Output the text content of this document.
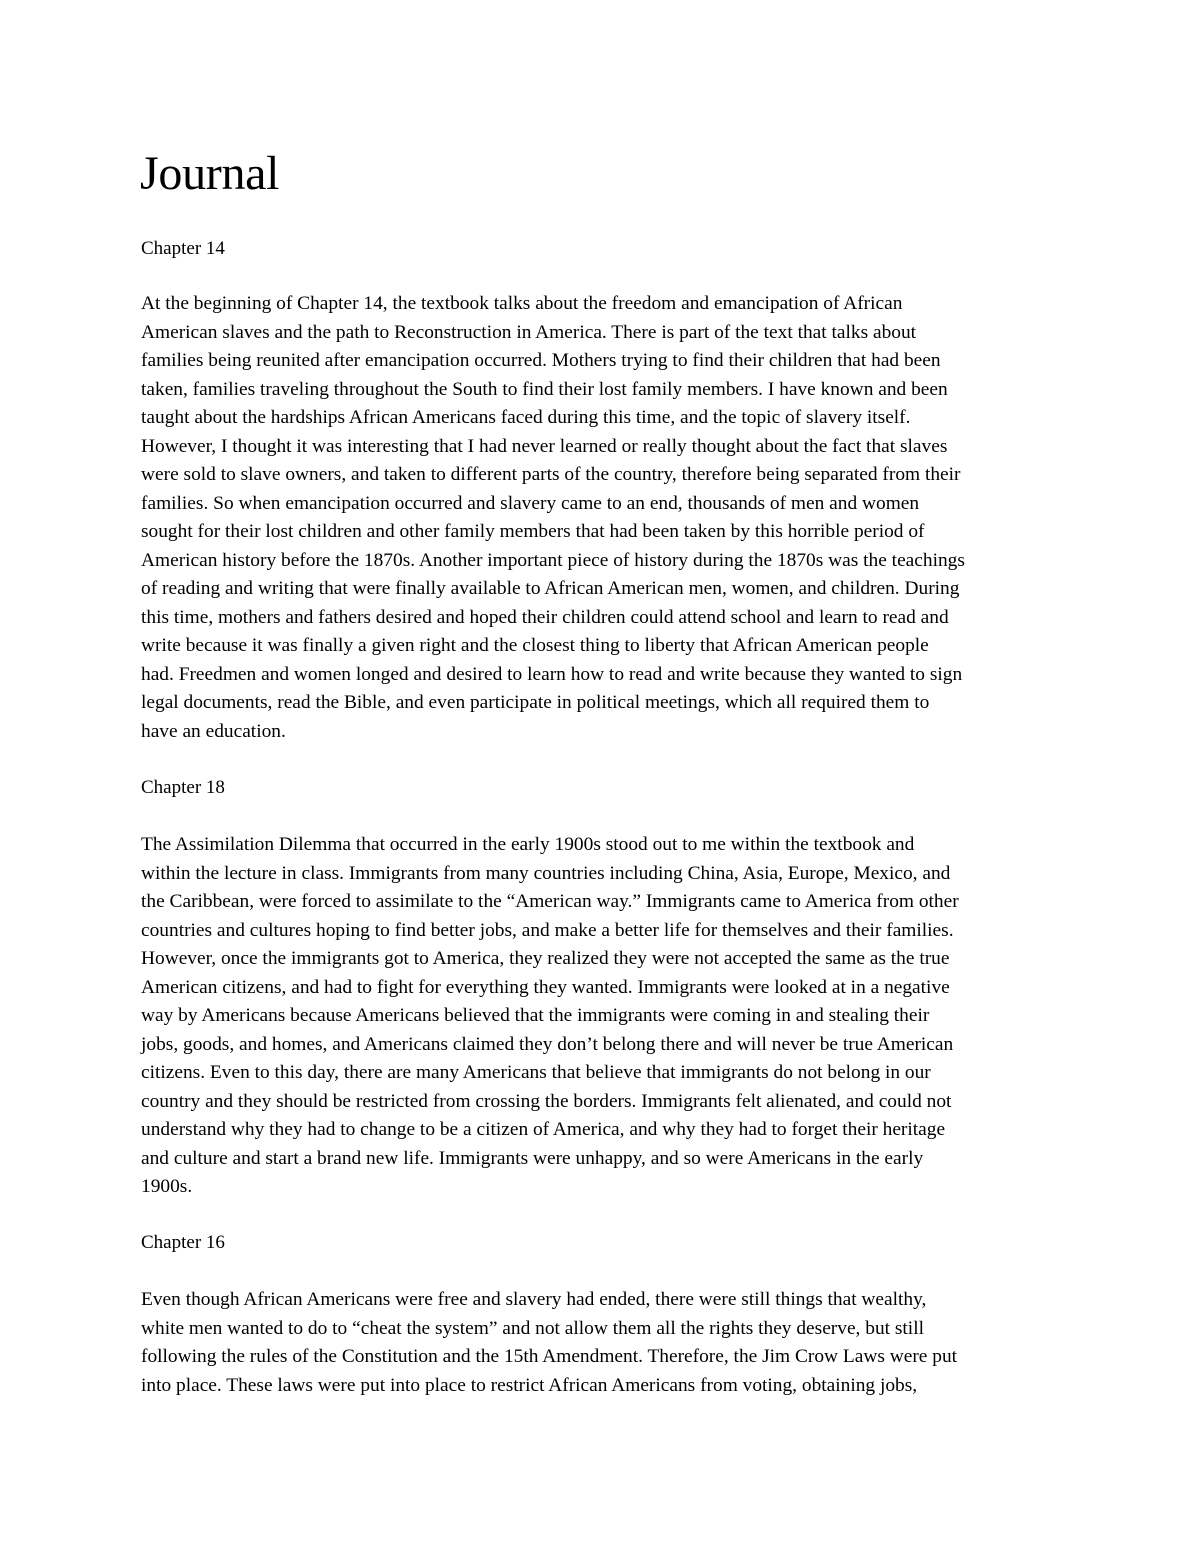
Journal
Chapter 14

At the beginning of Chapter 14, the textbook talks about the freedom and emancipation of African
American slaves and the path to Reconstruction in America. There is part of the text that talks about
families being reunited after emancipation occurred. Mothers trying to find their children that had been
taken, families traveling throughout the South to find their lost family members. I have known and been
taught about the hardships African Americans faced during this time, and the topic of slavery itself.
However, I thought it was interesting that I had never learned or really thought about the fact that slaves
were sold to slave owners, and taken to different parts of the country, therefore being separated from their
families. So when emancipation occurred and slavery came to an end, thousands of men and women
sought for their lost children and other family members that had been taken by this horrible period of
American history before the 1870s. Another important piece of history during the 1870s was the teachings
of reading and writing that were finally available to African American men, women, and children. During
this time, mothers and fathers desired and hoped their children could attend school and learn to read and
write because it was finally a given right and the closest thing to liberty that African American people
had. Freedmen and women longed and desired to learn how to read and write because they wanted to sign
legal documents, read the Bible, and even participate in political meetings, which all required them to
have an education.

Chapter 18

The Assimilation Dilemma that occurred in the early 1900s stood out to me within the textbook and
within the lecture in class. Immigrants from many countries including China, Asia, Europe, Mexico, and
the Caribbean, were forced to assimilate to the “American way.” Immigrants came to America from other
countries and cultures hoping to find better jobs, and make a better life for themselves and their families.
However, once the immigrants got to America, they realized they were not accepted the same as the true
American citizens, and had to fight for everything they wanted. Immigrants were looked at in a negative
way by Americans because Americans believed that the immigrants were coming in and stealing their
jobs, goods, and homes, and Americans claimed they don’t belong there and will never be true American
citizens. Even to this day, there are many Americans that believe that immigrants do not belong in our
country and they should be restricted from crossing the borders. Immigrants felt alienated, and could not
understand why they had to change to be a citizen of America, and why they had to forget their heritage
and culture and start a brand new life. Immigrants were unhappy, and so were Americans in the early
1900s.

Chapter 16

Even though African Americans were free and slavery had ended, there were still things that wealthy,
white men wanted to do to “cheat the system” and not allow them all the rights they deserve, but still
following the rules of the Constitution and the 15th Amendment. Therefore, the Jim Crow Laws were put
into place. These laws were put into place to restrict African Americans from voting, obtaining jobs,
